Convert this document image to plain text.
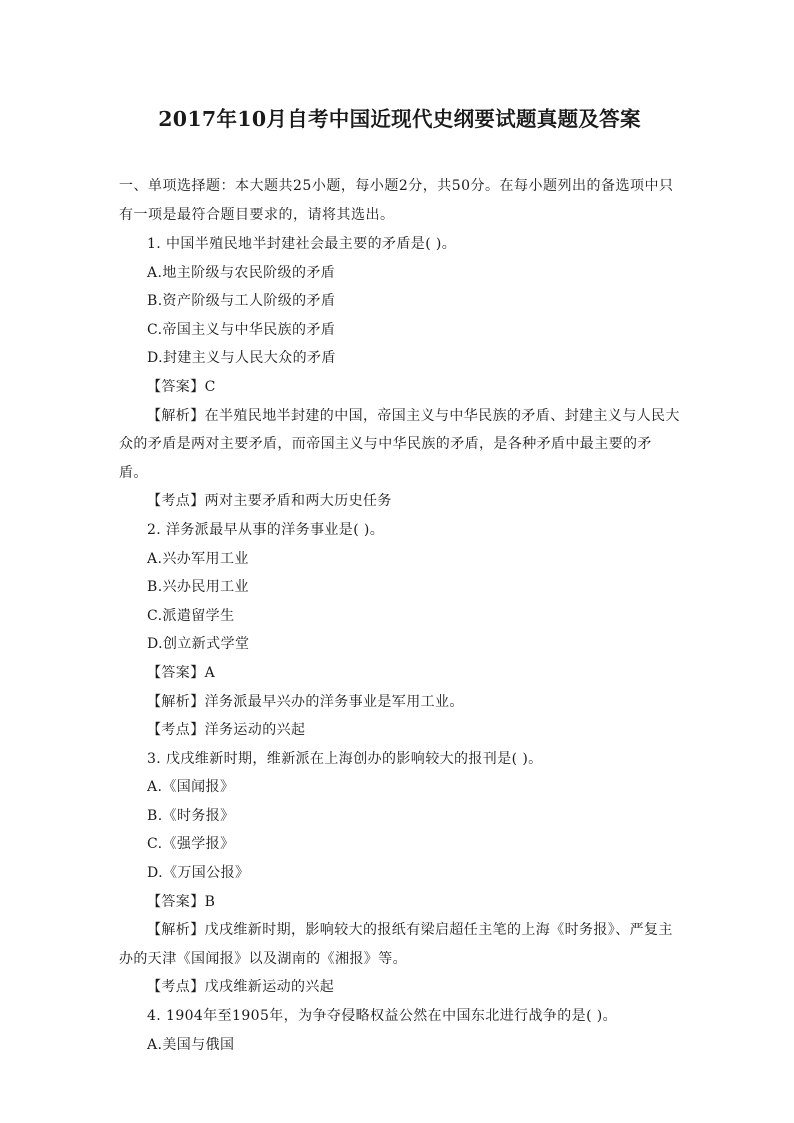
2017年10月自考中国近现代史纲要试题真题及答案
一、单项选择题：本大题共25小题，每小题2分，共50分。在每小题列出的备选项中只有一项是最符合题目要求的，请将其选出。
1. 中国半殖民地半封建社会最主要的矛盾是( )。
A.地主阶级与农民阶级的矛盾
B.资产阶级与工人阶级的矛盾
C.帝国主义与中华民族的矛盾
D.封建主义与人民大众的矛盾
【答案】C
【解析】在半殖民地半封建的中国，帝国主义与中华民族的矛盾、封建主义与人民大众的矛盾是两对主要矛盾，而帝国主义与中华民族的矛盾，是各种矛盾中最主要的矛盾。
【考点】两对主要矛盾和两大历史任务
2. 洋务派最早从事的洋务事业是( )。
A.兴办军用工业
B.兴办民用工业
C.派遣留学生
D.创立新式学堂
【答案】A
【解析】洋务派最早兴办的洋务事业是军用工业。
【考点】洋务运动的兴起
3. 戊戌维新时期，维新派在上海创办的影响较大的报刊是( )。
A.《国闻报》
B.《时务报》
C.《强学报》
D.《万国公报》
【答案】B
【解析】戊戌维新时期，影响较大的报纸有梁启超任主笔的上海《时务报》、严复主办的天津《国闻报》以及湖南的《湘报》等。
【考点】戊戌维新运动的兴起
4. 1904年至1905年，为争夺侵略权益公然在中国东北进行战争的是( )。
A.美国与俄国
